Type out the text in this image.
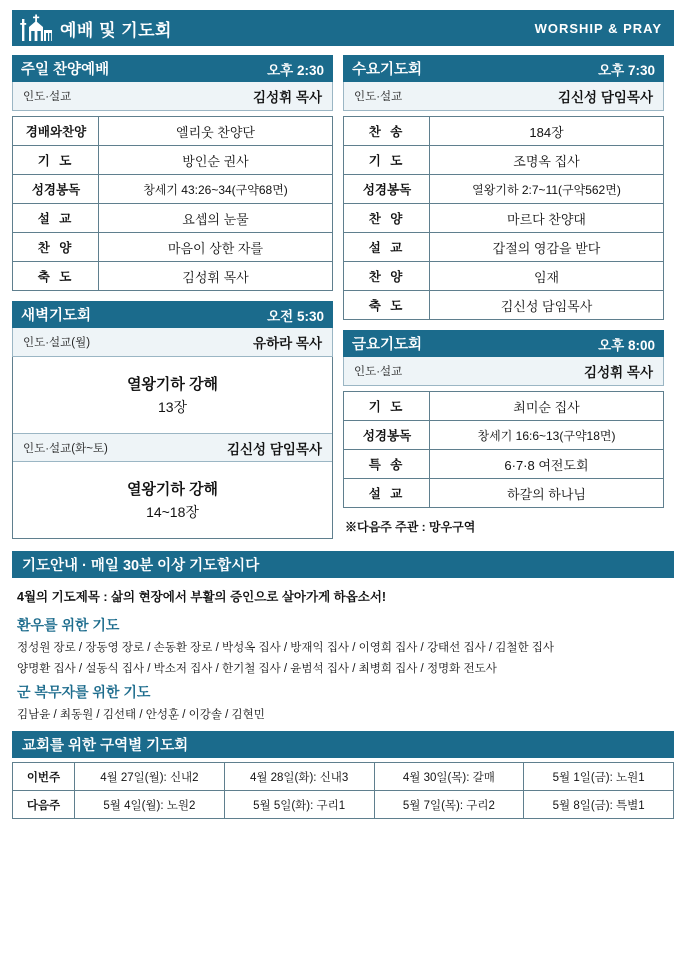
예배 및 기도회	WORSHIP & PRAY
주일 찬양예배	오후 2:30
인도·설교	김성휘 목사
경배와찬양	엘리웃 찬양단
기 도	방인순 권사
성경봉독	창세기 43:26~34(구약68면)
설 교	요셉의 눈물
찬 양	마음이 상한 자를
축 도	김성휘 목사
새벽기도회	오전 5:30
인도·설교(월)	유하라 목사
열왕기하 강해
13장
인도·설교(화~토)	김신성 담임목사
열왕기하 강해
14~18장
수요기도회	오후 7:30
인도·설교	김신성 담임목사
찬 송	184장
기 도	조명옥 집사
성경봉독	열왕기하 2:7~11(구약562면)
찬 양	마르다 찬양대
설 교	갑절의 영감을 받다
찬 양	임재
축 도	김신성 담임목사
금요기도회	오후 8:00
인도·설교	김성휘 목사
기 도	최미순 집사
성경봉독	창세기 16:6~13(구약18면)
특 송	6·7·8 여전도회
설 교	하갈의 하나님
※다음주 주관 : 망우구역
기도안내 · 매일 30분 이상 기도합시다
4월의 기도제목 : 삶의 현장에서 부활의 증인으로 살아가게 하옵소서!
환우를 위한 기도
정성원 장로 / 장동영 장로 / 손동환 장로 / 박성옥 집사 / 방재익 집사 / 이영희 집사 / 강태선 집사 / 김철한 집사
양명환 집사 / 설동식 집사 / 박소저 집사 / 한기철 집사 / 윤범석 집사 / 최병희 집사 / 정명화 전도사
군 복무자를 위한 기도
김남윤 / 최동원 / 김선태 / 안성훈 / 이강솔 / 김현민
교회를 위한 구역별 기도회
이번주	4월 27일(월): 신내2	4월 28일(화): 신내3	4월 30일(목): 갈매	5월 1일(금): 노원1
다음주	5월 4일(월): 노원2	5월 5일(화): 구리1	5월 7일(목): 구리2	5월 8일(금): 특별1
